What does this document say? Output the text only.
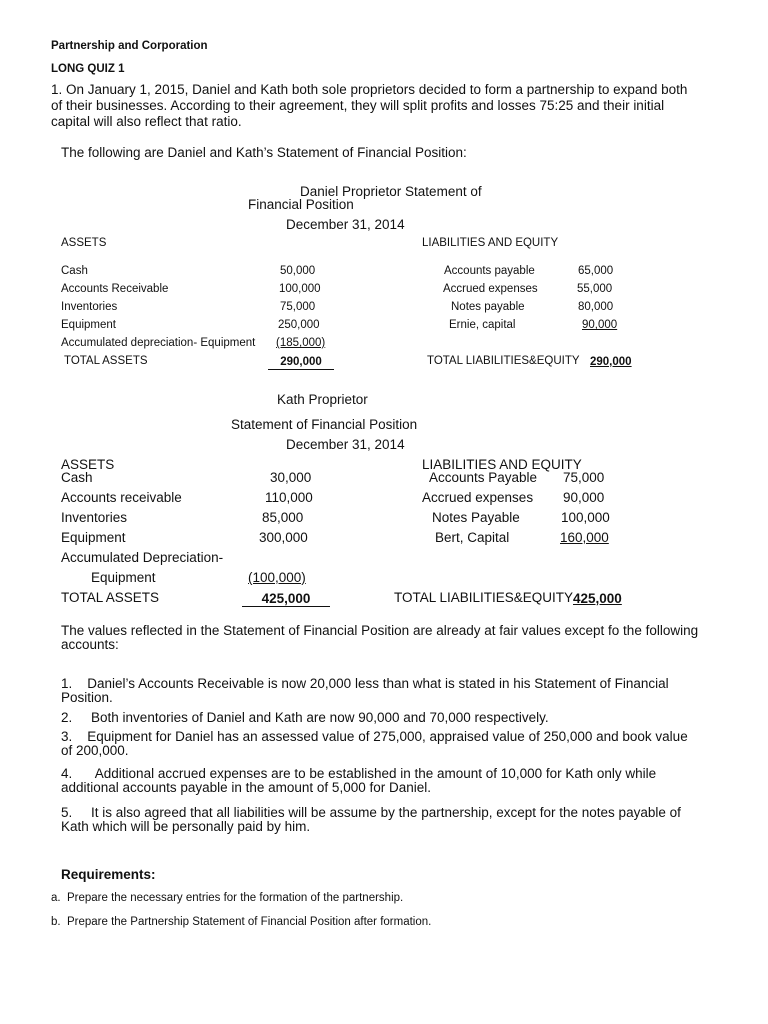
Partnership and Corporation
LONG QUIZ 1
1. On January 1, 2015, Daniel and Kath both sole proprietors decided to form a partnership to expand both of their businesses. According to their agreement, they will split profits and losses 75:25 and their initial capital will also reflect that ratio.
The following are Daniel and Kath’s Statement of Financial Position:
Daniel Proprietor Statement of
Financial Position
December 31, 2014
ASSETS	LIABILITIES AND EQUITY
Cash	50,000
Accounts Receivable	100,000
Inventories	75,000
Equipment	250,000
Accumulated depreciation- Equipment (185,000)
TOTAL ASSETS	290,000
Accounts payable	65,000
Accrued expenses	55,000
Notes payable	80,000
Ernie, capital	90,000
TOTAL LIABILITIES&EQUITY 290,000
Kath Proprietor
Statement of Financial Position
December 31, 2014
ASSETS	LIABILITIES AND EQUITY
Cash	30,000
Accounts receivable	110,000
Inventories	85,000
Equipment	300,000
Accumulated Depreciation-
Equipment	(100,000)
TOTAL ASSETS	425,000
Accounts Payable 75,000
Accrued expenses 90,000
Notes Payable	100,000
Bert, Capital	160,000
TOTAL LIABILITIES&EQUITY 425,000
The values reflected in the Statement of Financial Position are already at fair values except fo the following accounts:
1. Daniel’s Accounts Receivable is now 20,000 less than what is stated in his Statement of Financial Position.
2. Both inventories of Daniel and Kath are now 90,000 and 70,000 respectively.
3. Equipment for Daniel has an assessed value of 275,000, appraised value of 250,000 and book value of 200,000.
4. Additional accrued expenses are to be established in the amount of 10,000 for Kath only while additional accounts payable in the amount of 5,000 for Daniel.
5. It is also agreed that all liabilities will be assume by the partnership, except for the notes payable of Kath which will be personally paid by him.
Requirements:
a. Prepare the necessary entries for the formation of the partnership.
b. Prepare the Partnership Statement of Financial Position after formation.
